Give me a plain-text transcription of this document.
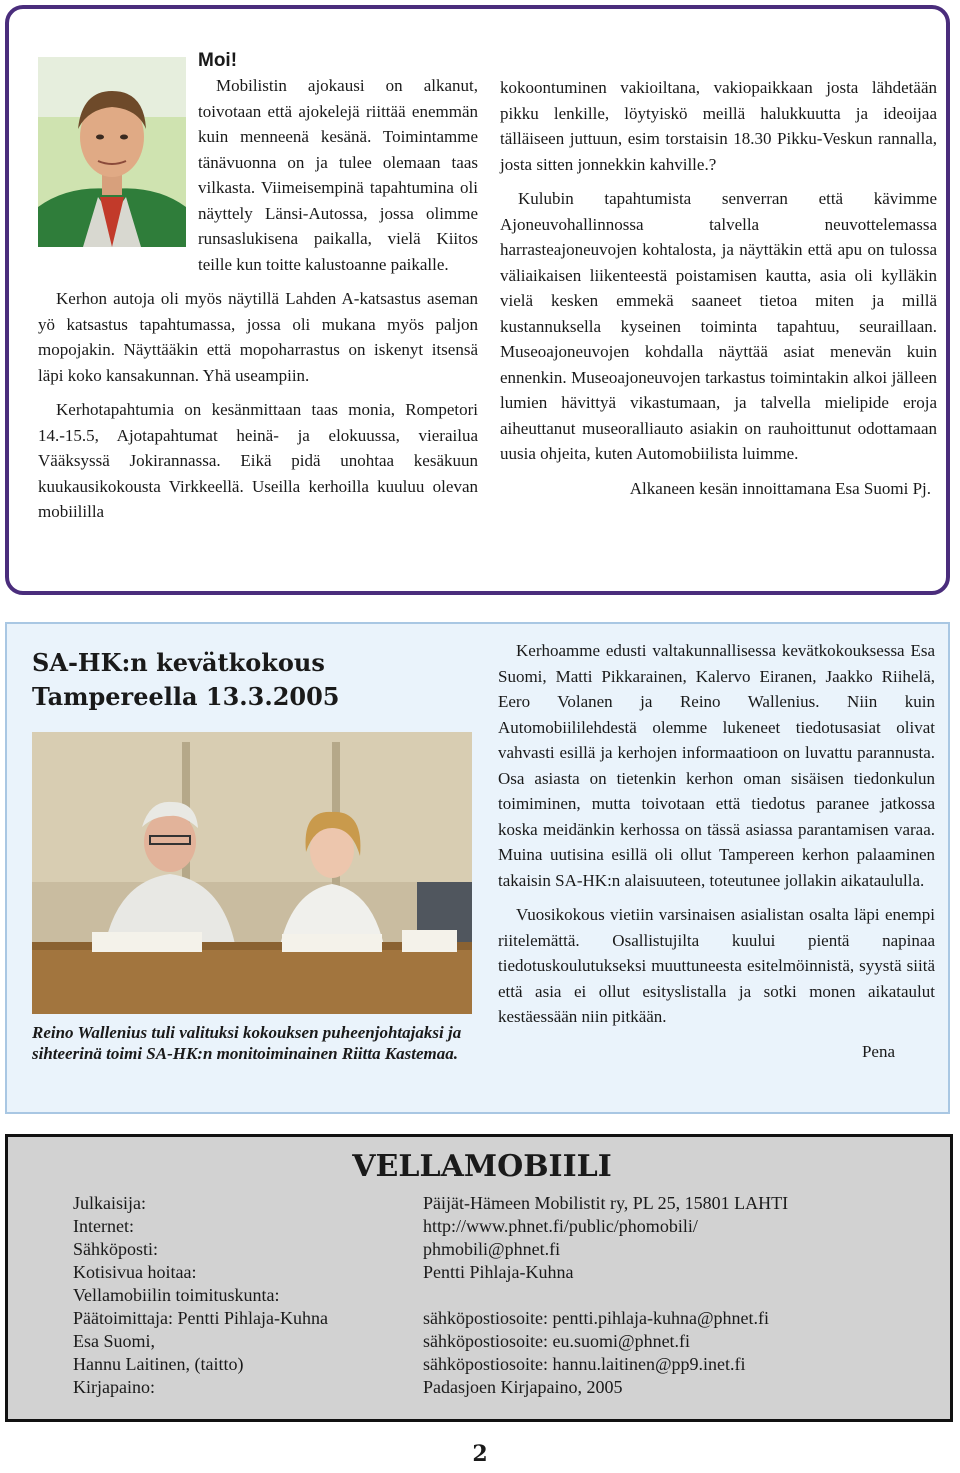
Moi!

Mobilistin ajokausi on alkanut, toivotaan että ajokelejä riittää enemmän kuin menneenä kesänä. Toimintamme tänävuonna on ja tulee olemaan taas vilkasta. Viimeisempinä tapahtumina oli näyttely Länsi-Autossa, jossa olimme runsaslukisena paikalla, vielä Kiitos teille kun toitte kalustoanne paikalle.

Kerhon autoja oli myös näytillä Lahden A-katsastus aseman yö katsastus tapahtumassa, jossa oli mukana myös paljon mopojakin. Näyttääkin että mopoharrastus on iskenyt itsensä läpi koko kansakunnan. Yhä useampiin.

Kerhotapahtumia on kesänmittaan taas monia, Rompetori 14.-15.5, Ajotapahtumat heinä- ja elokuussa, vierailua Vääksyssä Jokirannassa. Eikä pidä unohtaa kesäkuun kuukausikokousta Virkkeellä. Useilla kerhoilla kuuluu olevan mobiililla

kokoontuminen vakioiltana, vakiopaikkaan josta lähdetään pikku lenkille, löytyiskö meillä halukkuutta ja ideoijaa tälläiseen juttuun, esim torstaisin 18.30 Pikku-Veskun rannalla, josta sitten jonnekkin kahville.?

Kulubin tapahtumista senverran että kävimme Ajoneuvohallinnossa talvella neuvottelemassa harrasteajoneuvojen kohtalosta, ja näyttäkin että apu on tulossa väliaikaisen liikenteestä poistamisen kautta, asia oli kylläkin vielä kesken emmekä saaneet tietoa miten ja millä kustannuksella kyseinen toiminta tapahtuu, seuraillaan. Museoajoneuvojen kohdalla näyttää asiat menevän kuin ennenkin. Museoajoneuvojen tarkastus toimintakin alkoi jälleen lumien hävittyä vikastumaan, ja talvella mielipide eroja aiheuttanut museoralliauto asiakin on rauhoittunut odottamaan uusia ohjeita, kuten Automobiilista luimme.

Alkaneen kesän innoittamana Esa Suomi Pj.

SA-HK:n kevätkokous
Tampereella 13.3.2005

Reino Wallenius tuli valituksi kokouksen puheenjohtajaksi ja sihteerinä toimi SA-HK:n monitoiminainen Riitta Kastemaa.

Kerhoamme edusti valtakunnallisessa kevätkokouksessa Esa Suomi, Matti Pikkarainen, Kalervo Eiranen, Jaakko Riihelä, Eero Volanen ja Reino Wallenius. Niin kuin Automobiililehdestä olemme lukeneet tiedotusasiat olivat vahvasti esillä ja kerhojen informaatioon on luvattu parannusta. Osa asiasta on tietenkin kerhon oman sisäisen tiedonkulun toimiminen, mutta toivotaan että tiedotus paranee jatkossa koska meidänkin kerhossa on tässä asiassa parantamisen varaa. Muina uutisina esillä oli ollut Tampereen kerhon palaaminen takaisin SA-HK:n alaisuuteen, toteutunee jollakin aikataululla.

Vuosikokous vietiin varsinaisen asialistan osalta läpi enempi riitelemättä. Osallistujilta kuului pientä napinaa tiedotuskoulutukseksi muuttuneesta esitelmöinnistä, syystä siitä että asia ei ollut esityslistalla ja sotki monen aikataulut kestäessään niin pitkään.

Pena

VELLAMOBIILI
Julkaisija:	Päijät-Hämeen Mobilistit ry, PL 25, 15801 LAHTI
Internet:	http://www.phnet.fi/public/phomobili/
Sähköposti:	phmobili@phnet.fi
Kotisivua hoitaa:	Pentti Pihlaja-Kuhna
Vellamobiilin toimituskunta:
Päätoimittaja: Pentti Pihlaja-Kuhna	sähköpostiosoite: pentti.pihlaja-kuhna@phnet.fi
Esa Suomi,	sähköpostiosoite: eu.suomi@phnet.fi
Hannu Laitinen, (taitto)	sähköpostiosoite: hannu.laitinen@pp9.inet.fi
Kirjapaino:	Padasjoen Kirjapaino, 2005
2
